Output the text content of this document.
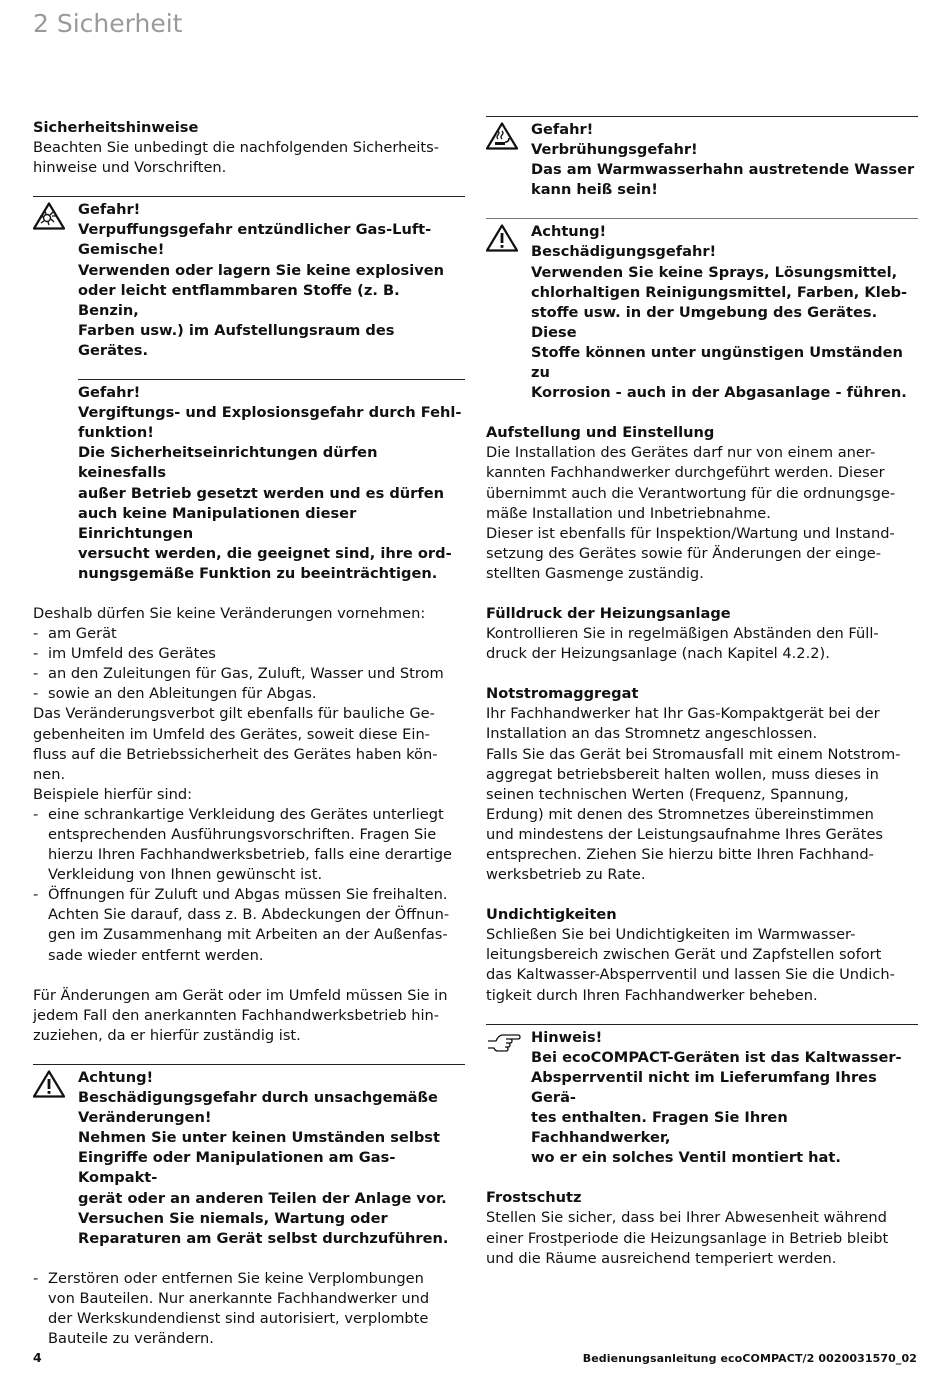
2 Sicherheit

Sicherheitshinweise

Beachten Sie unbedingt die nachfolgenden Sicherheits-

hinweise und Vorschriften.

Gefahr!

Verpuffungsgefahr entzündlicher Gas-Luft-

Gemische!

Verwenden oder lagern Sie keine explosiven

oder leicht entflammbaren Stoffe (z. B. Benzin,

Farben usw.) im Aufstellungsraum des Gerätes.

Gefahr!

Vergiftungs- und Explosionsgefahr durch Fehl-

funktion!

Die Sicherheitseinrichtungen dürfen keinesfalls

außer Betrieb gesetzt werden und es dürfen

auch keine Manipulationen dieser Einrichtungen

versucht werden, die geeignet sind, ihre ord-

nungsgemäße Funktion zu beeinträchtigen.

Deshalb dürfen Sie keine Veränderungen vornehmen:

- am Gerät
- im Umfeld des Gerätes
- an den Zuleitungen für Gas, Zuluft, Wasser und Strom
- sowie an den Ableitungen für Abgas.

Das Veränderungsverbot gilt ebenfalls für bauliche Ge-

gebenheiten im Umfeld des Gerätes, soweit diese Ein-

fluss auf die Betriebssicherheit des Gerätes haben kön-

nen.

Beispiele hierfür sind:

- eine schrankartige Verkleidung des Gerätes unterliegt

entsprechenden Ausführungsvorschriften. Fragen Sie

hierzu Ihren Fachhandwerksbetrieb, falls eine derartige

Verkleidung von Ihnen gewünscht ist.

- Öffnungen für Zuluft und Abgas müssen Sie freihalten.

Achten Sie darauf, dass z. B. Abdeckungen der Öffnun-

gen im Zusammenhang mit Arbeiten an der Außenfas-

sade wieder entfernt werden.

Für Änderungen am Gerät oder im Umfeld müssen Sie in

jedem Fall den anerkannten Fachhandwerksbetrieb hin-

zuziehen, da er hierfür zuständig ist.

Achtung!

Beschädigungsgefahr durch unsachgemäße

Veränderungen!

Nehmen Sie unter keinen Umständen selbst

Eingriffe oder Manipulationen am Gas-Kompakt-

gerät oder an anderen Teilen der Anlage vor.

Versuchen Sie niemals, Wartung oder

Reparaturen am Gerät selbst durchzuführen.

- Zerstören oder entfernen Sie keine Verplombungen

von Bauteilen. Nur anerkannte Fachhandwerker und

der Werkskundendienst sind autorisiert, verplombte

Bauteile zu verändern.

Gefahr!

Verbrühungsgefahr!

Das am Warmwasserhahn austretende Wasser

kann heiß sein!

Achtung!

Beschädigungsgefahr!

Verwenden Sie keine Sprays, Lösungsmittel,

chlorhaltigen Reinigungsmittel, Farben, Kleb-

stoffe usw. in der Umgebung des Gerätes. Diese

Stoffe können unter ungünstigen Umständen zu

Korrosion - auch in der Abgasanlage - führen.

Aufstellung und Einstellung

Die Installation des Gerätes darf nur von einem aner-

kannten Fachhandwerker durchgeführt werden. Dieser

übernimmt auch die Verantwortung für die ordnungsge-

mäße Installation und Inbetriebnahme.

Dieser ist ebenfalls für Inspektion/Wartung und Instand-

setzung des Gerätes sowie für Änderungen der einge-

stellten Gasmenge zuständig.

Fülldruck der Heizungsanlage

Kontrollieren Sie in regelmäßigen Abständen den Füll-

druck der Heizungsanlage (nach Kapitel 4.2.2).

Notstromaggregat

Ihr Fachhandwerker hat Ihr Gas-Kompaktgerät bei der

Installation an das Stromnetz angeschlossen.

Falls Sie das Gerät bei Stromausfall mit einem Notstrom-

aggregat betriebsbereit halten wollen, muss dieses in

seinen technischen Werten (Frequenz, Spannung,

Erdung) mit denen des Stromnetzes übereinstimmen

und mindestens der Leistungsaufnahme Ihres Gerätes

entsprechen. Ziehen Sie hierzu bitte Ihren Fachhand-

werksbetrieb zu Rate.

Undichtigkeiten

Schließen Sie bei Undichtigkeiten im Warmwasser-

leitungsbereich zwischen Gerät und Zapfstellen sofort

das Kaltwasser-Absperrventil und lassen Sie die Undich-

tigkeit durch Ihren Fachhandwerker beheben.

Hinweis!

Bei ecoCOMPACT-Geräten ist das Kaltwasser-

Absperrventil nicht im Lieferumfang Ihres Gerä-

tes enthalten. Fragen Sie Ihren Fachhandwerker,

wo er ein solches Ventil montiert hat.

Frostschutz

Stellen Sie sicher, dass bei Ihrer Abwesenheit während

einer Frostperiode die Heizungsanlage in Betrieb bleibt

und die Räume ausreichend temperiert werden.

4	Bedienungsanleitung ecoCOMPACT/2 0020031570_02
